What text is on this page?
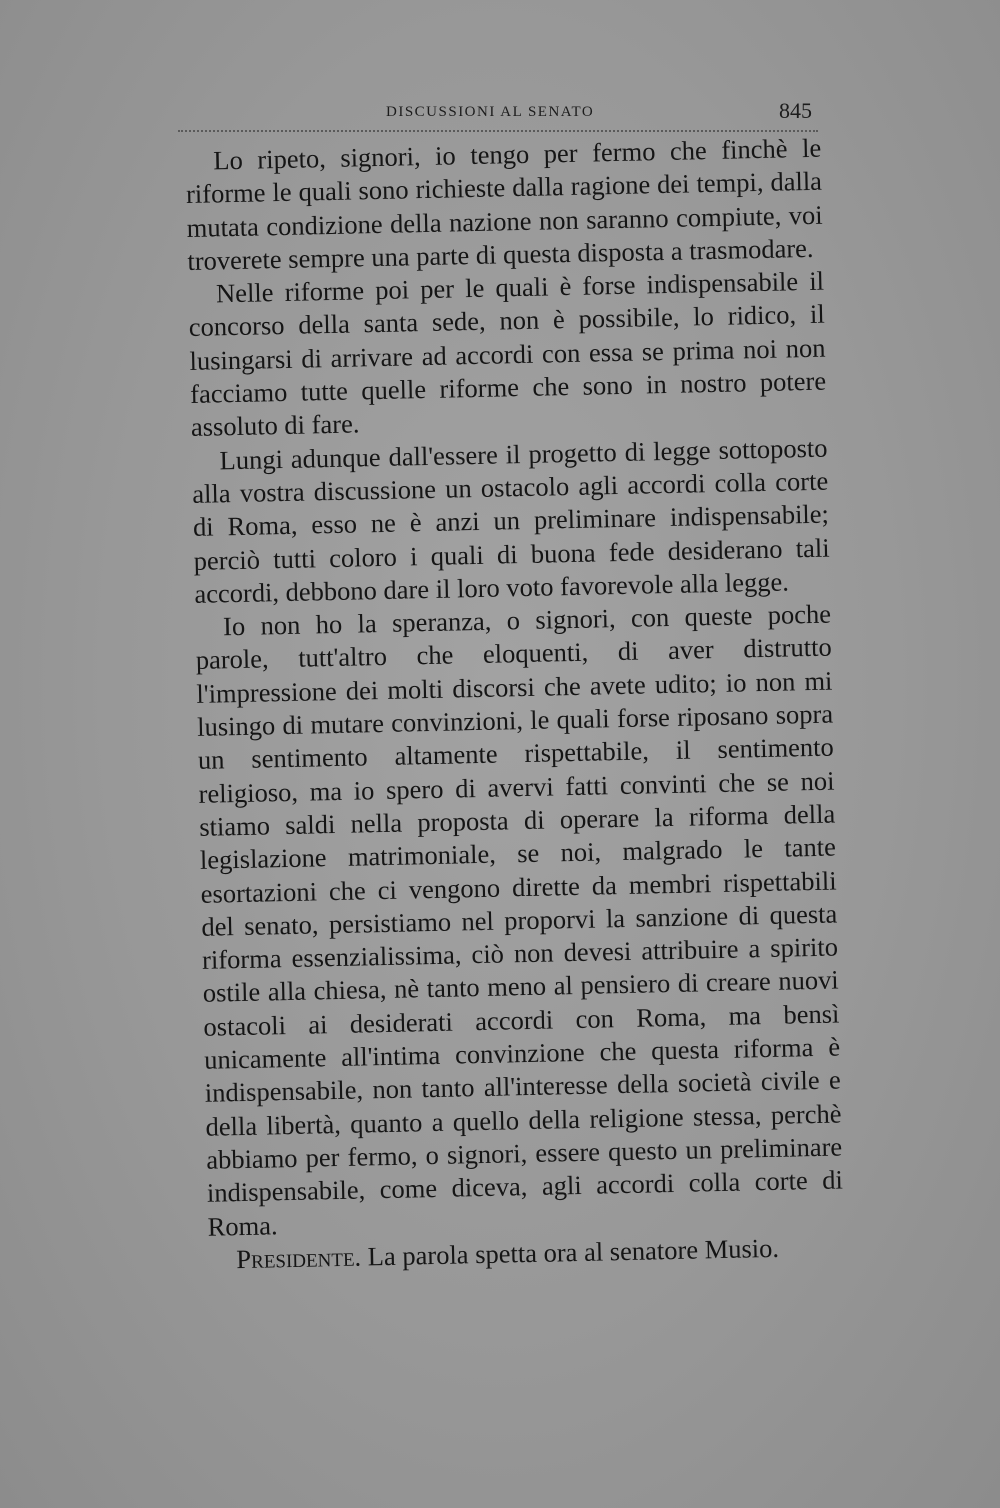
DISCUSSIONI AL SENATO	845

Lo ripeto, signori, io tengo per fermo che finchè le riforme le quali sono richieste dalla ragione dei tempi, dalla mutata condizione della nazione non saranno compiute, voi troverete sempre una parte di questa disposta a trasmodare.

Nelle riforme poi per le quali è forse indispensabile il concorso della santa sede, non è possibile, lo ridico, il lusingarsi di arrivare ad accordi con essa se prima noi non facciamo tutte quelle riforme che sono in nostro potere assoluto di fare.

Lungi adunque dall'essere il progetto di legge sottoposto alla vostra discussione un ostacolo agli accordi colla corte di Roma, esso ne è anzi un preliminare indispensabile; perciò tutti coloro i quali di buona fede desiderano tali accordi, debbono dare il loro voto favorevole alla legge.

Io non ho la speranza, o signori, con queste poche parole, tutt'altro che eloquenti, di aver distrutto l'impressione dei molti discorsi che avete udito; io non mi lusingo di mutare convinzioni, le quali forse riposano sopra un sentimento altamente rispettabile, il sentimento religioso, ma io spero di avervi fatti convinti che se noi stiamo saldi nella proposta di operare la riforma della legislazione matrimoniale, se noi, malgrado le tante esortazioni che ci vengono dirette da membri rispettabili del senato, persistiamo nel proporvi la sanzione di questa riforma essenzialissima, ciò non devesi attribuire a spirito ostile alla chiesa, nè tanto meno al pensiero di creare nuovi ostacoli ai desiderati accordi con Roma, ma bensì unicamente all'intima convinzione che questa riforma è indispensabile, non tanto all'interesse della società civile e della libertà, quanto a quello della religione stessa, perchè abbiamo per fermo, o signori, essere questo un preliminare indispensabile, come diceva, agli accordi colla corte di Roma.

Presidente. La parola spetta ora al senatore Musio.
